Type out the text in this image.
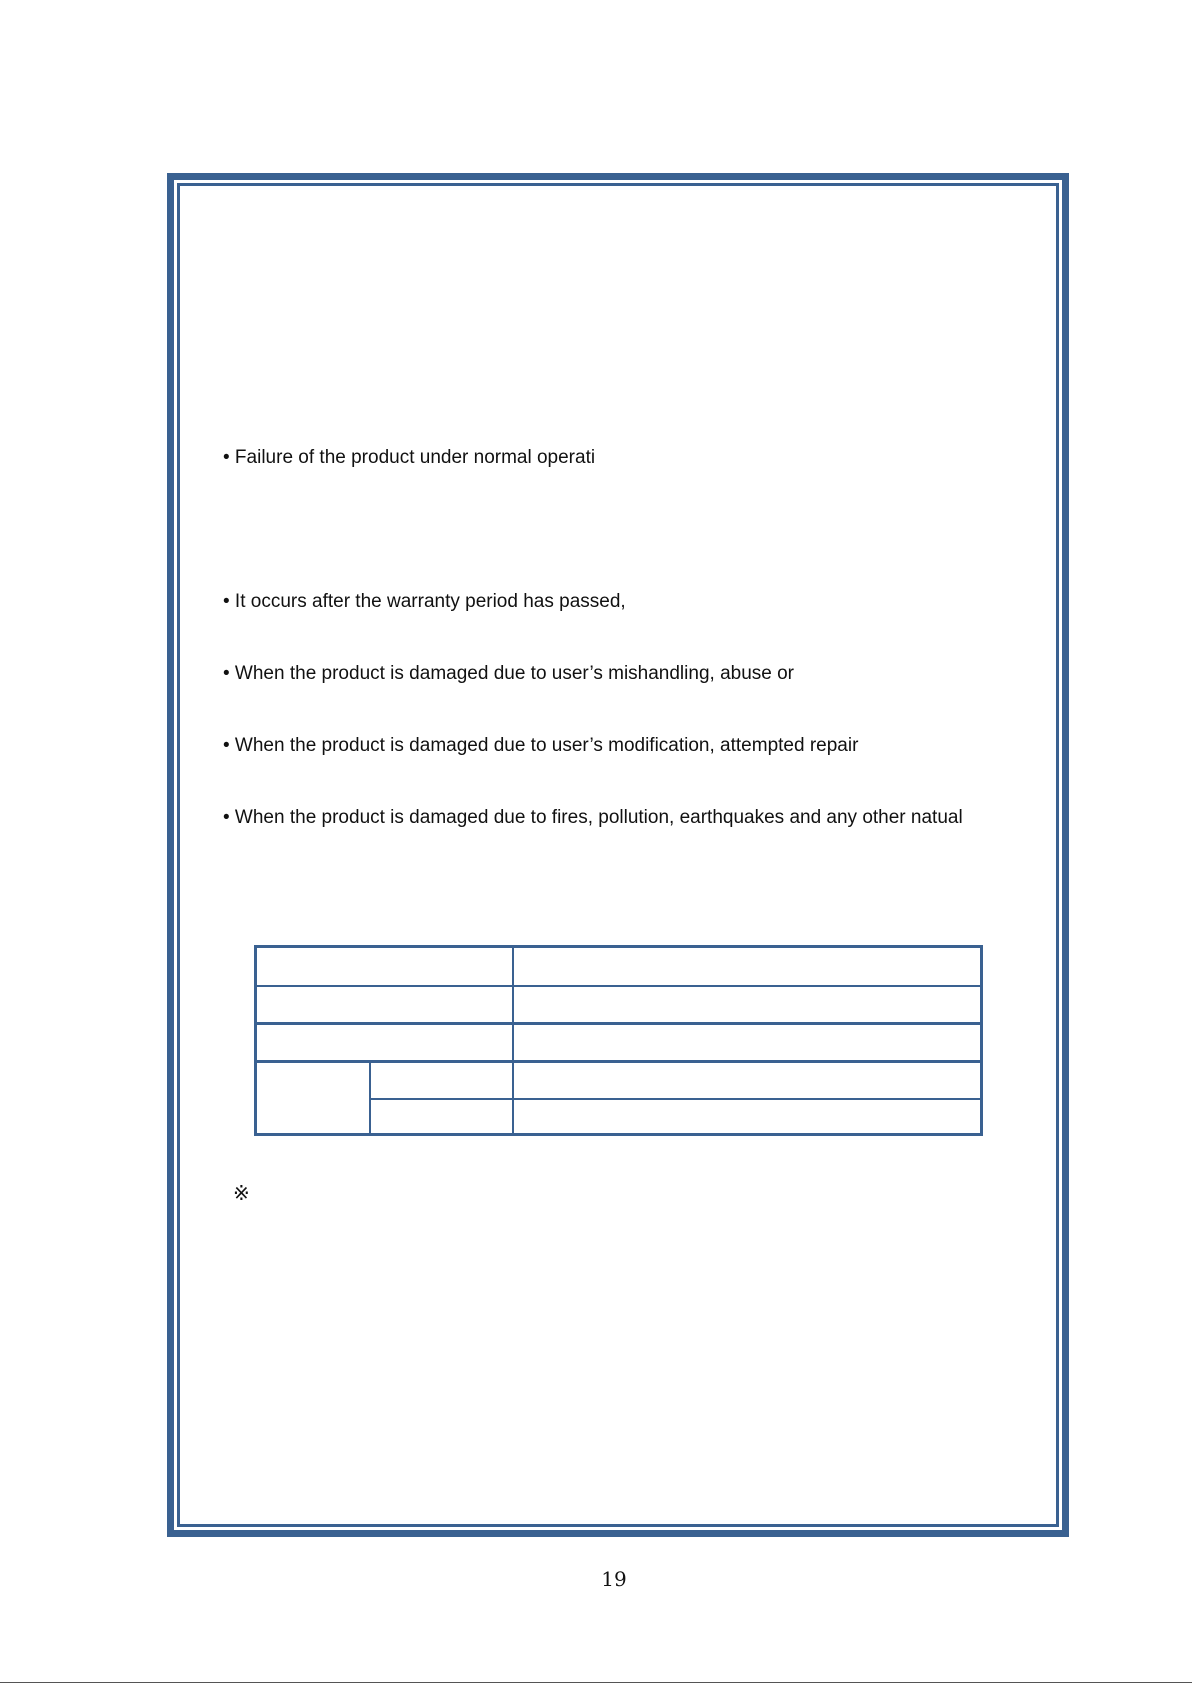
• Failure of the product under normal operati
• It occurs after the warranty period has passed,
• When the product is damaged due to user’s mishandling, abuse or
• When the product is damaged due to user’s modification, attempted repair
• When the product is damaged due to fires, pollution, earthquakes and any other natual
※
19
